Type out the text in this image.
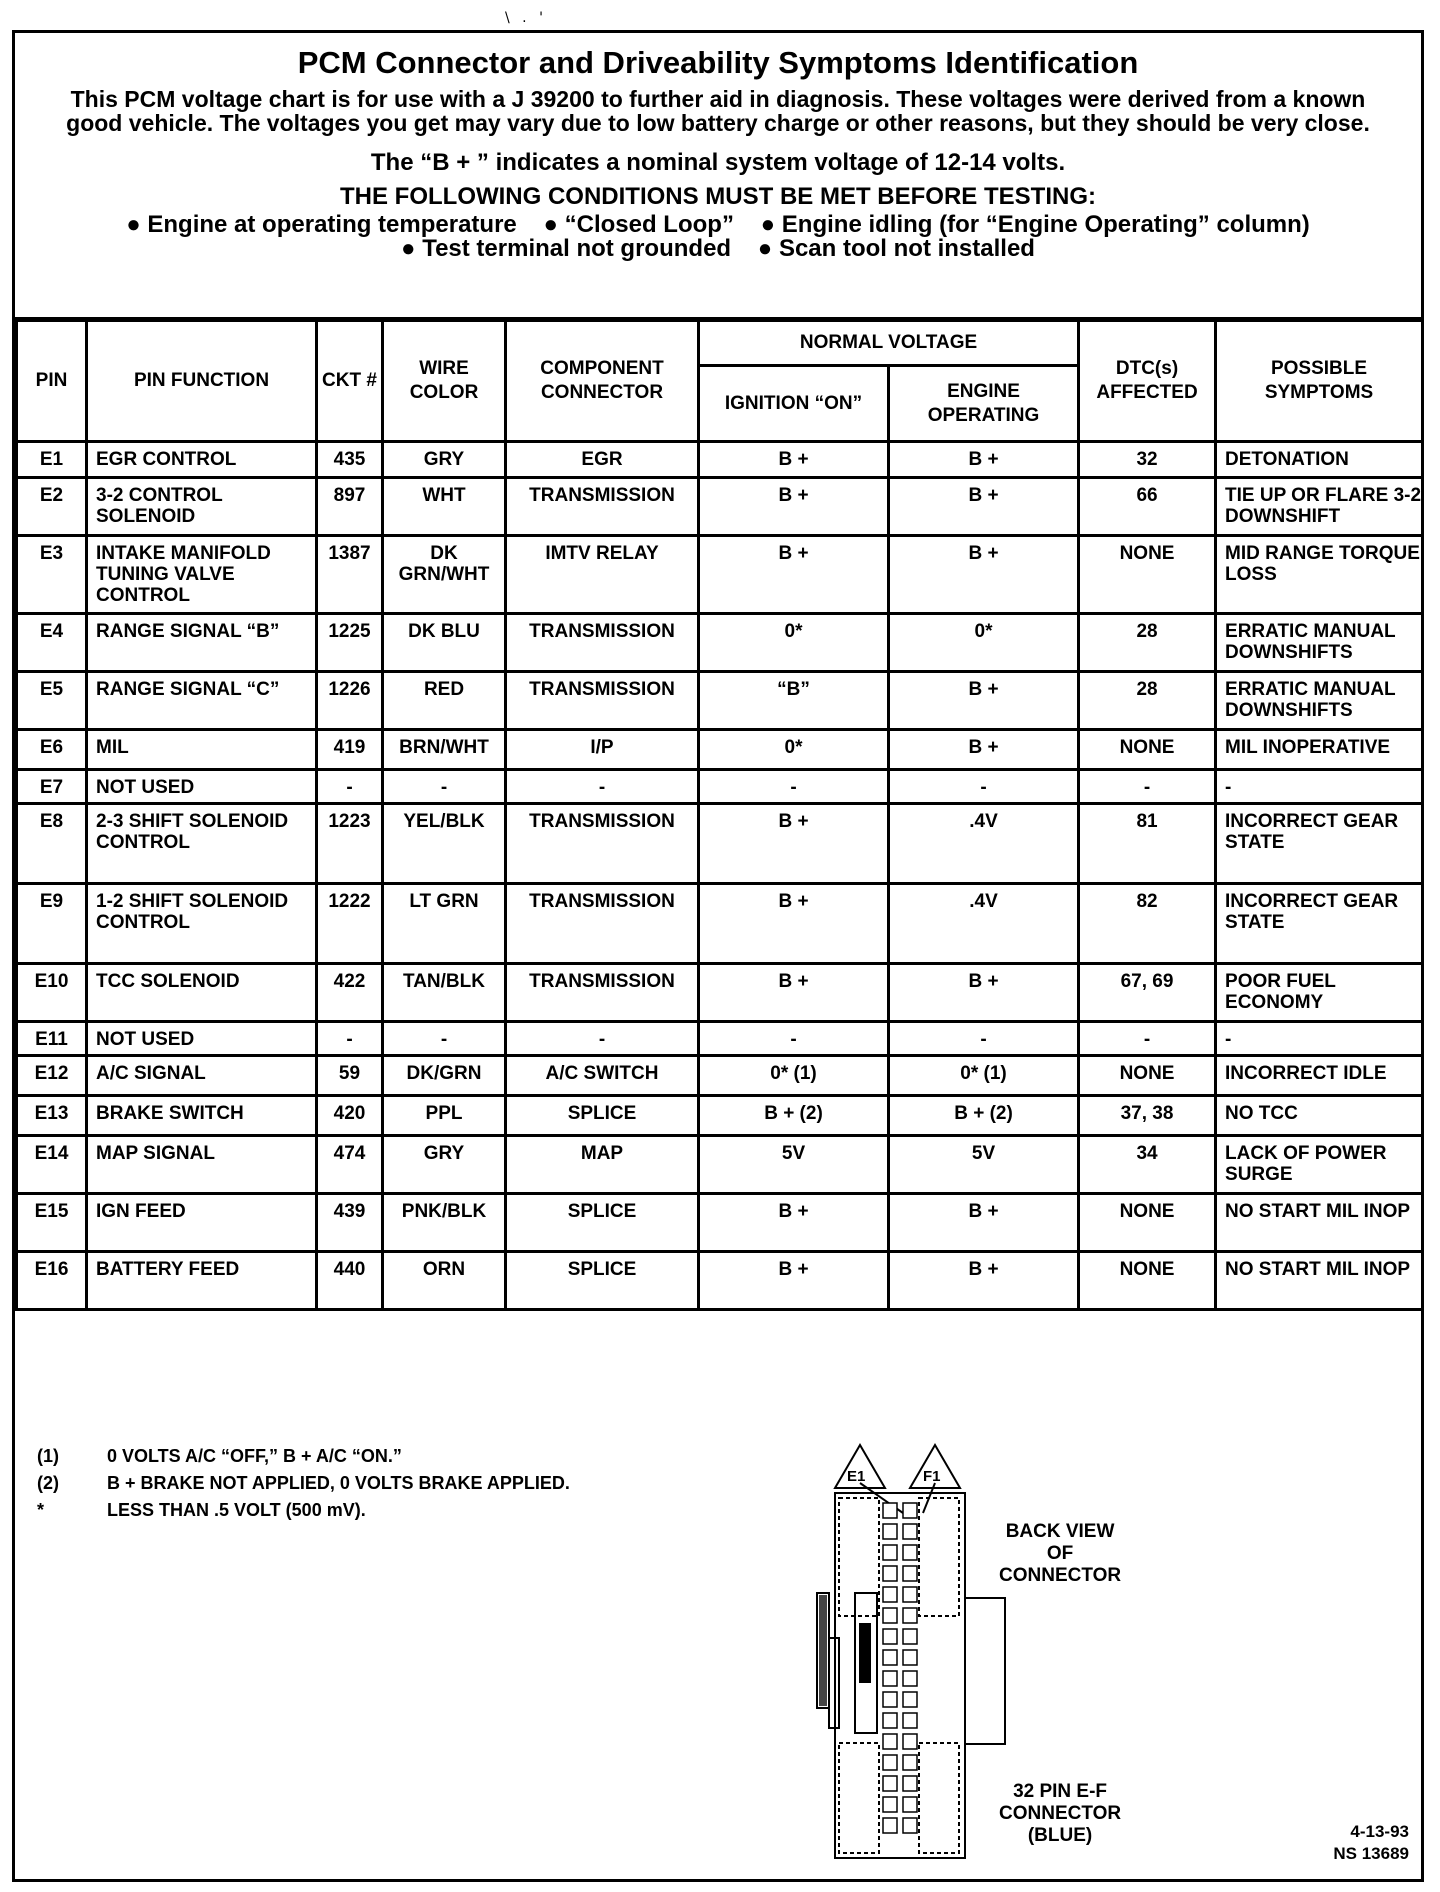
\ . '
PCM Connector and Driveability Symptoms Identification
This PCM voltage chart is for use with a J 39200 to further aid in diagnosis. These voltages were derived from a known good vehicle. The voltages you get may vary due to low battery charge or other reasons, but they should be very close.
The “B + ” indicates a nominal system voltage of 12-14 volts.
THE FOLLOWING CONDITIONS MUST BE MET BEFORE TESTING:
● Engine at operating temperature ● “Closed Loop” ● Engine idling (for “Engine Operating” column)
● Test terminal not grounded ● Scan tool not installed
PIN	PIN FUNCTION	CKT #	WIRE COLOR	COMPONENT CONNECTOR	NORMAL VOLTAGE		DTC(s) AFFECTED	POSSIBLE SYMPTOMS
					IGNITION “ON”	ENGINE OPERATING		
E1	EGR CONTROL	435	GRY	EGR	B +	B +	32	DETONATION
E2	3-2 CONTROL SOLENOID	897	WHT	TRANSMISSION	B +	B +	66	TIE UP OR FLARE 3-2 DOWNSHIFT
E3	INTAKE MANIFOLD TUNING VALVE CONTROL	1387	DK GRN/WHT	IMTV RELAY	B +	B +	NONE	MID RANGE TORQUE LOSS
E4	RANGE SIGNAL “B”	1225	DK BLU	TRANSMISSION	0*	0*	28	ERRATIC MANUAL DOWNSHIFTS
E5	RANGE SIGNAL “C”	1226	RED	TRANSMISSION	“B”	B +	28	ERRATIC MANUAL DOWNSHIFTS
E6	MIL	419	BRN/WHT	I/P	0*	B +	NONE	MIL INOPERATIVE
E7	NOT USED	-	-	-	-	-	-	-
E8	2-3 SHIFT SOLENOID CONTROL	1223	YEL/BLK	TRANSMISSION	B +	.4V	81	INCORRECT GEAR STATE
E9	1-2 SHIFT SOLENOID CONTROL	1222	LT GRN	TRANSMISSION	B +	.4V	82	INCORRECT GEAR STATE
E10	TCC SOLENOID	422	TAN/BLK	TRANSMISSION	B +	B +	67, 69	POOR FUEL ECONOMY
E11	NOT USED	-	-	-	-	-	-	-
E12	A/C SIGNAL	59	DK/GRN	A/C SWITCH	0* (1)	0* (1)	NONE	INCORRECT IDLE
E13	BRAKE SWITCH	420	PPL	SPLICE	B + (2)	B + (2)	37, 38	NO TCC
E14	MAP SIGNAL	474	GRY	MAP	5V	5V	34	LACK OF POWER SURGE
E15	IGN FEED	439	PNK/BLK	SPLICE	B +	B +	NONE	NO START MIL INOP
E16	BATTERY FEED	440	ORN	SPLICE	B +	B +	NONE	NO START MIL INOP
(1)	0 VOLTS A/C “OFF,” B + A/C “ON.”
(2)	B + BRAKE NOT APPLIED, 0 VOLTS BRAKE APPLIED.
*	LESS THAN .5 VOLT (500 mV).
E1	F1
BACK VIEW
OF
CONNECTOR
32 PIN E-F
CONNECTOR
(BLUE)	4-13-93
NS 13689
